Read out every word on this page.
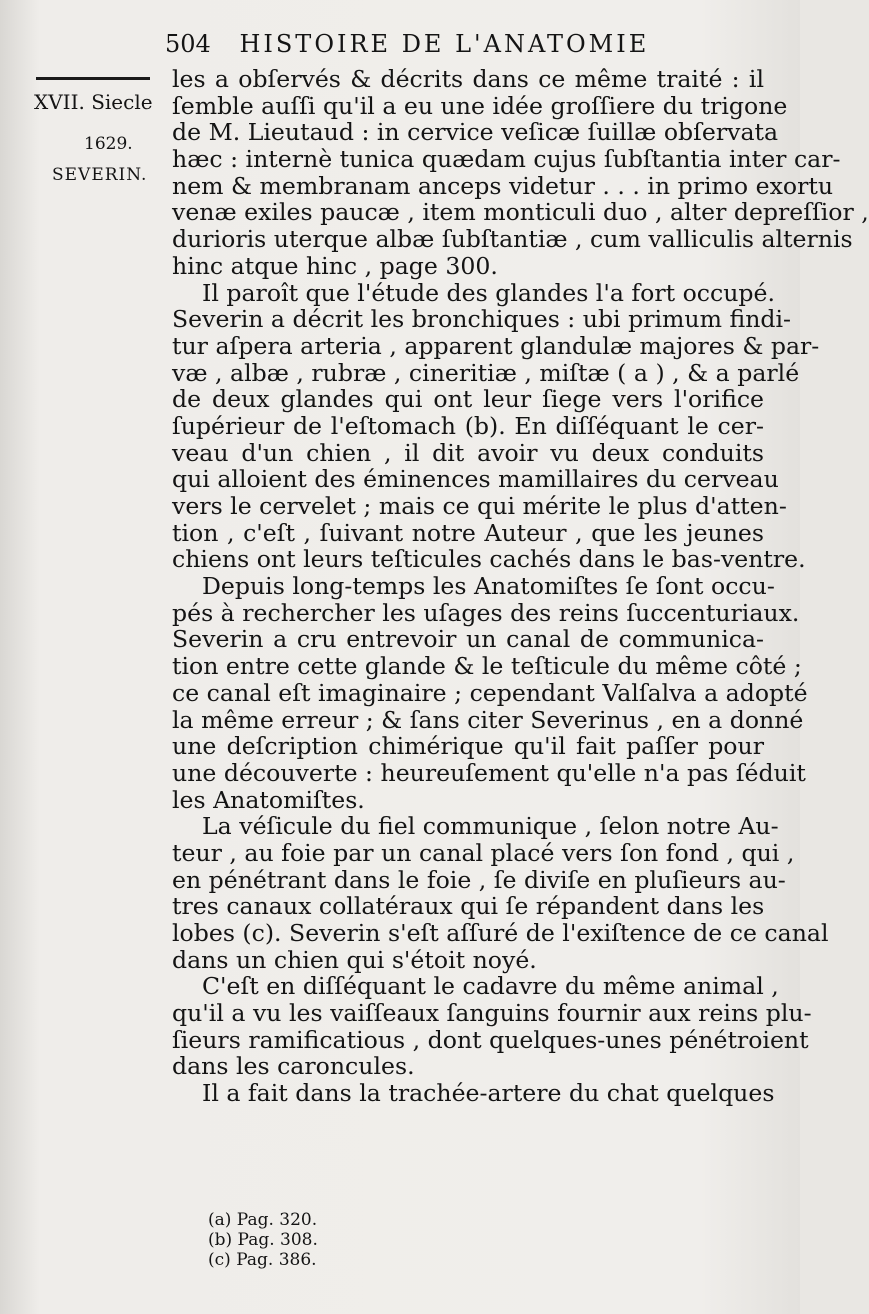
504 HISTOIRE DE L'ANATOMIE
XVII. Siecle
1629.
SEVERIN.
les a obſervés & décrits dans ce même traité : il
ſemble auſſi qu'il a eu une idée groſſiere du trigone
de M. Lieutaud : in cervice veſicæ ſuillæ obſervata
hæc : internè tunica quædam cujus ſubſtantia inter car-
nem & membranam anceps videtur . . . in primo exortu
venæ exiles paucæ , item monticuli duo , alter depreſſior ,
durioris uterque albæ ſubſtantiæ , cum valliculis alternis
hinc atque hinc , page 300.
Il paroît que l'étude des glandes l'a fort occupé.
Severin a décrit les bronchiques : ubi primum findi-
tur aſpera arteria , apparent glandulæ majores & par-
væ , albæ , rubræ , cineritiæ , miſtæ ( a ) , & a parlé
de deux glandes qui ont leur ſiege vers l'orifice
ſupérieur de l'eſtomach (b). En diſſéquant le cer-
veau d'un chien , il dit avoir vu deux conduits
qui alloient des éminences mamillaires du cerveau
vers le cervelet ; mais ce qui mérite le plus d'atten-
tion , c'eſt , ſuivant notre Auteur , que les jeunes
chiens ont leurs teſticules cachés dans le bas-ventre.
Depuis long-temps les Anatomiſtes ſe ſont occu-
pés à rechercher les uſages des reins ſuccenturiaux.
Severin a cru entrevoir un canal de communica-
tion entre cette glande & le teſticule du même côté ;
ce canal eſt imaginaire ; cependant Valſalva a adopté
la même erreur ; & ſans citer Severinus , en a donné
une deſcription chimérique qu'il fait paſſer pour
une découverte : heureuſement qu'elle n'a pas ſéduit
les Anatomiſtes.
La véſicule du fiel communique , ſelon notre Au-
teur , au foie par un canal placé vers ſon fond , qui ,
en pénétrant dans le foie , ſe diviſe en pluſieurs au-
tres canaux collatéraux qui ſe répandent dans les
lobes (c). Severin s'eſt aſſuré de l'exiſtence de ce canal
dans un chien qui s'étoit noyé.
C'eſt en diſſéquant le cadavre du même animal ,
qu'il a vu les vaiſſeaux ſanguins fournir aux reins plu-
ſieurs ramificatious , dont quelques-unes pénétroient
dans les caroncules.
Il a fait dans la trachée-artere du chat quelques
(a) Pag. 320.
(b) Pag. 308.
(c) Pag. 386.
